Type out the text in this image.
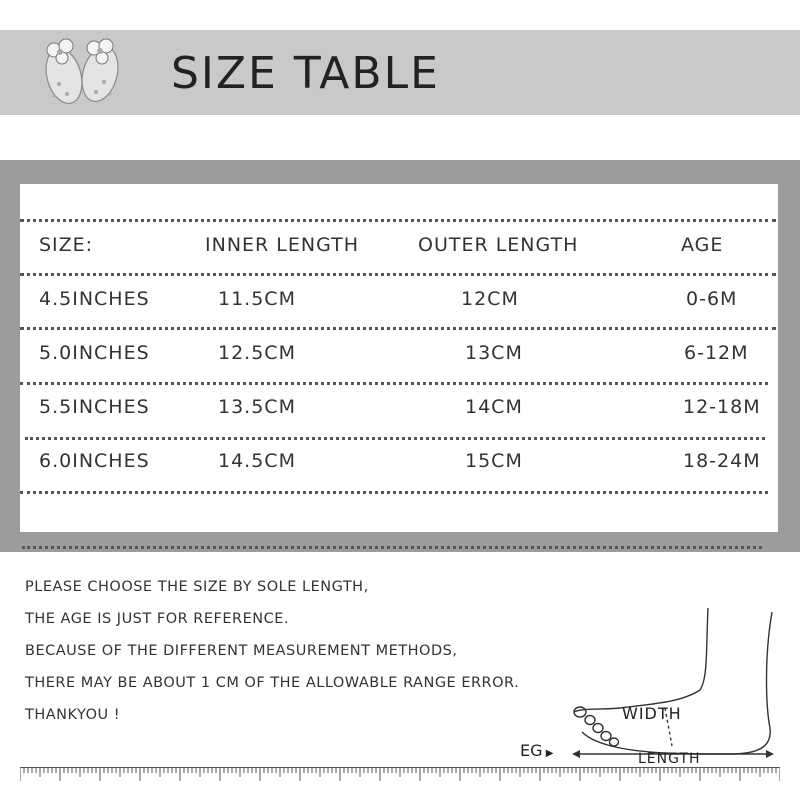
SIZE TABLE
SIZE:	INNER LENGTH	OUTER LENGTH	AGE
4.5INCHES	11.5CM	12CM	0-6M
5.0INCHES	12.5CM	13CM	6-12M
5.5INCHES	13.5CM	14CM	12-18M
6.0INCHES	14.5CM	15CM	18-24M
PLEASE CHOOSE THE SIZE BY SOLE LENGTH,
THE AGE IS JUST FOR REFERENCE.
BECAUSE OF THE DIFFERENT MEASUREMENT METHODS,
THERE MAY BE ABOUT 1 CM OF THE ALLOWABLE RANGE ERROR.
THANKYOU !	WIDTH
LENGTH
EG ▶
